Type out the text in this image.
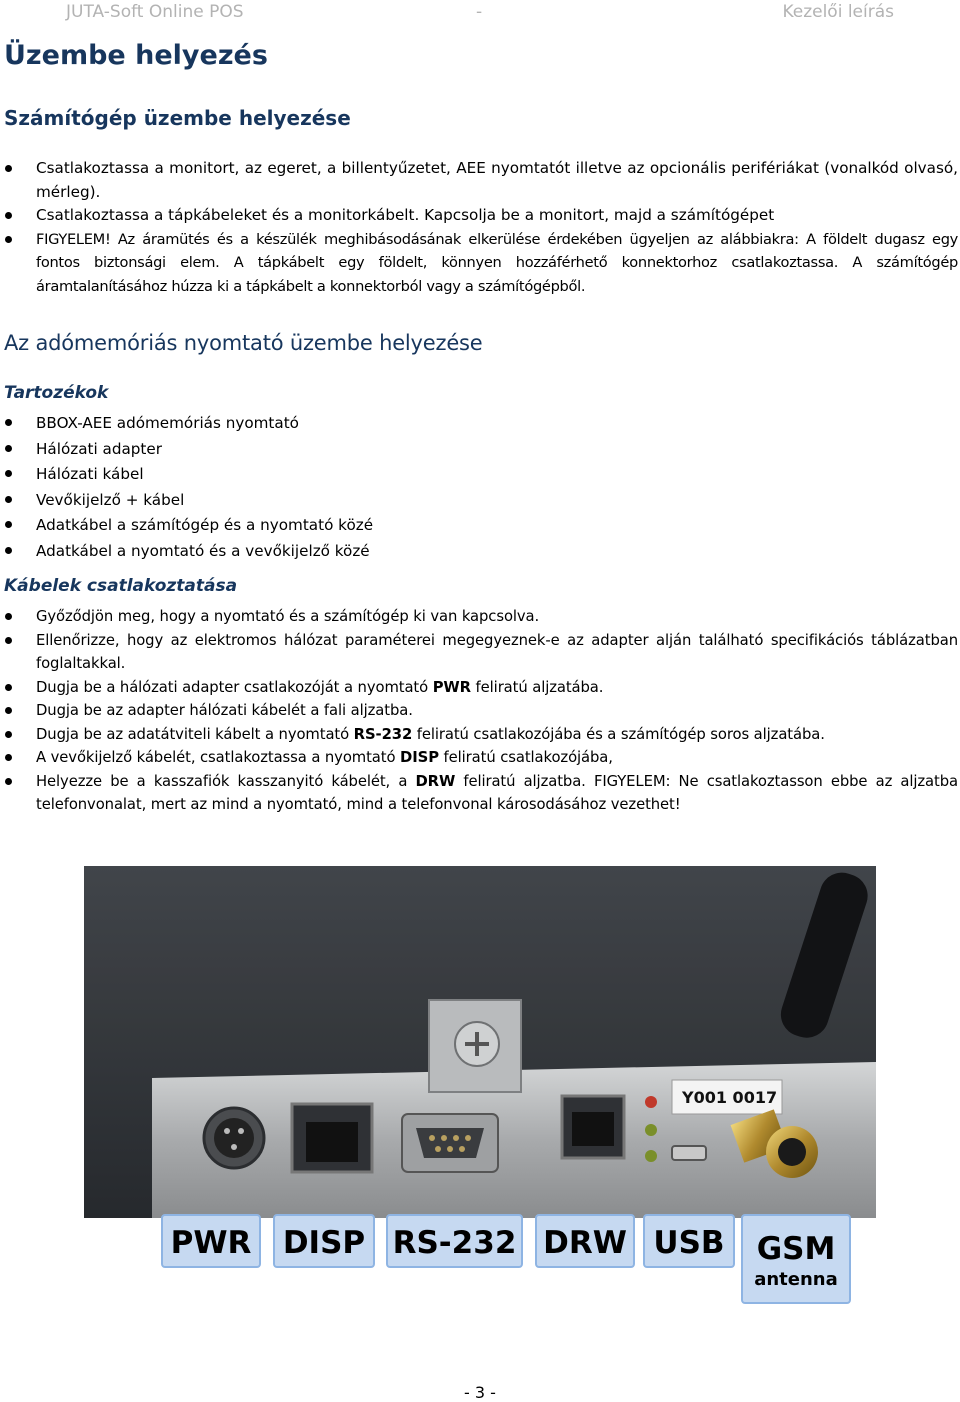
JUTA-Soft Online POS	-	Kezelői leírás
Üzembe helyezés
Számítógép üzembe helyezése
Csatlakoztassa a monitort, az egeret, a billentyűzetet, AEE nyomtatót illetve az opcionális perifériákat (vonalkód olvasó, mérleg).
Csatlakoztassa a tápkábeleket és a monitorkábelt. Kapcsolja be a monitort, majd a számítógépet
FIGYELEM! Az áramütés és a készülék meghibásodásának elkerülése érdekében ügyeljen az alábbiakra: A földelt dugasz egy fontos biztonsági elem. A tápkábelt egy földelt, könnyen hozzáférhető konnektorhoz csatlakoztassa. A számítógép áramtalanításához húzza ki a tápkábelt a konnektorból vagy a számítógépből.
Az adómemóriás nyomtató üzembe helyezése
Tartozékok
BBOX-AEE adómemóriás nyomtató
Hálózati adapter
Hálózati kábel
Vevőkijelző + kábel
Adatkábel a számítógép és a nyomtató közé
Adatkábel a nyomtató és a vevőkijelző közé
Kábelek csatlakoztatása
Győződjön meg, hogy a nyomtató és a számítógép ki van kapcsolva.
Ellenőrizze, hogy az elektromos hálózat paraméterei megegyeznek-e az adapter alján található specifikációs táblázatban foglaltakkal.
Dugja be a hálózati adapter csatlakozóját a nyomtató PWR feliratú aljzatába.
Dugja be az adapter hálózati kábelét a fali aljzatba.
Dugja be az adatátviteli kábelt a nyomtató RS-232 feliratú csatlakozójába és a számítógép soros aljzatába.
A vevőkijelző kábelét, csatlakoztassa a nyomtató DISP feliratú csatlakozójába,
Helyezze be a kasszafiók kasszanyitó kábelét, a DRW feliratú aljzatba. FIGYELEM: Ne csatlakoztasson ebbe az aljzatba telefonvonalat, mert az mind a nyomtató, mind a telefonvonal károsodásához vezethet!
Y001 0017
PWR	DISP RS-232 DRW USB	GSM
antenna
- 3 -
